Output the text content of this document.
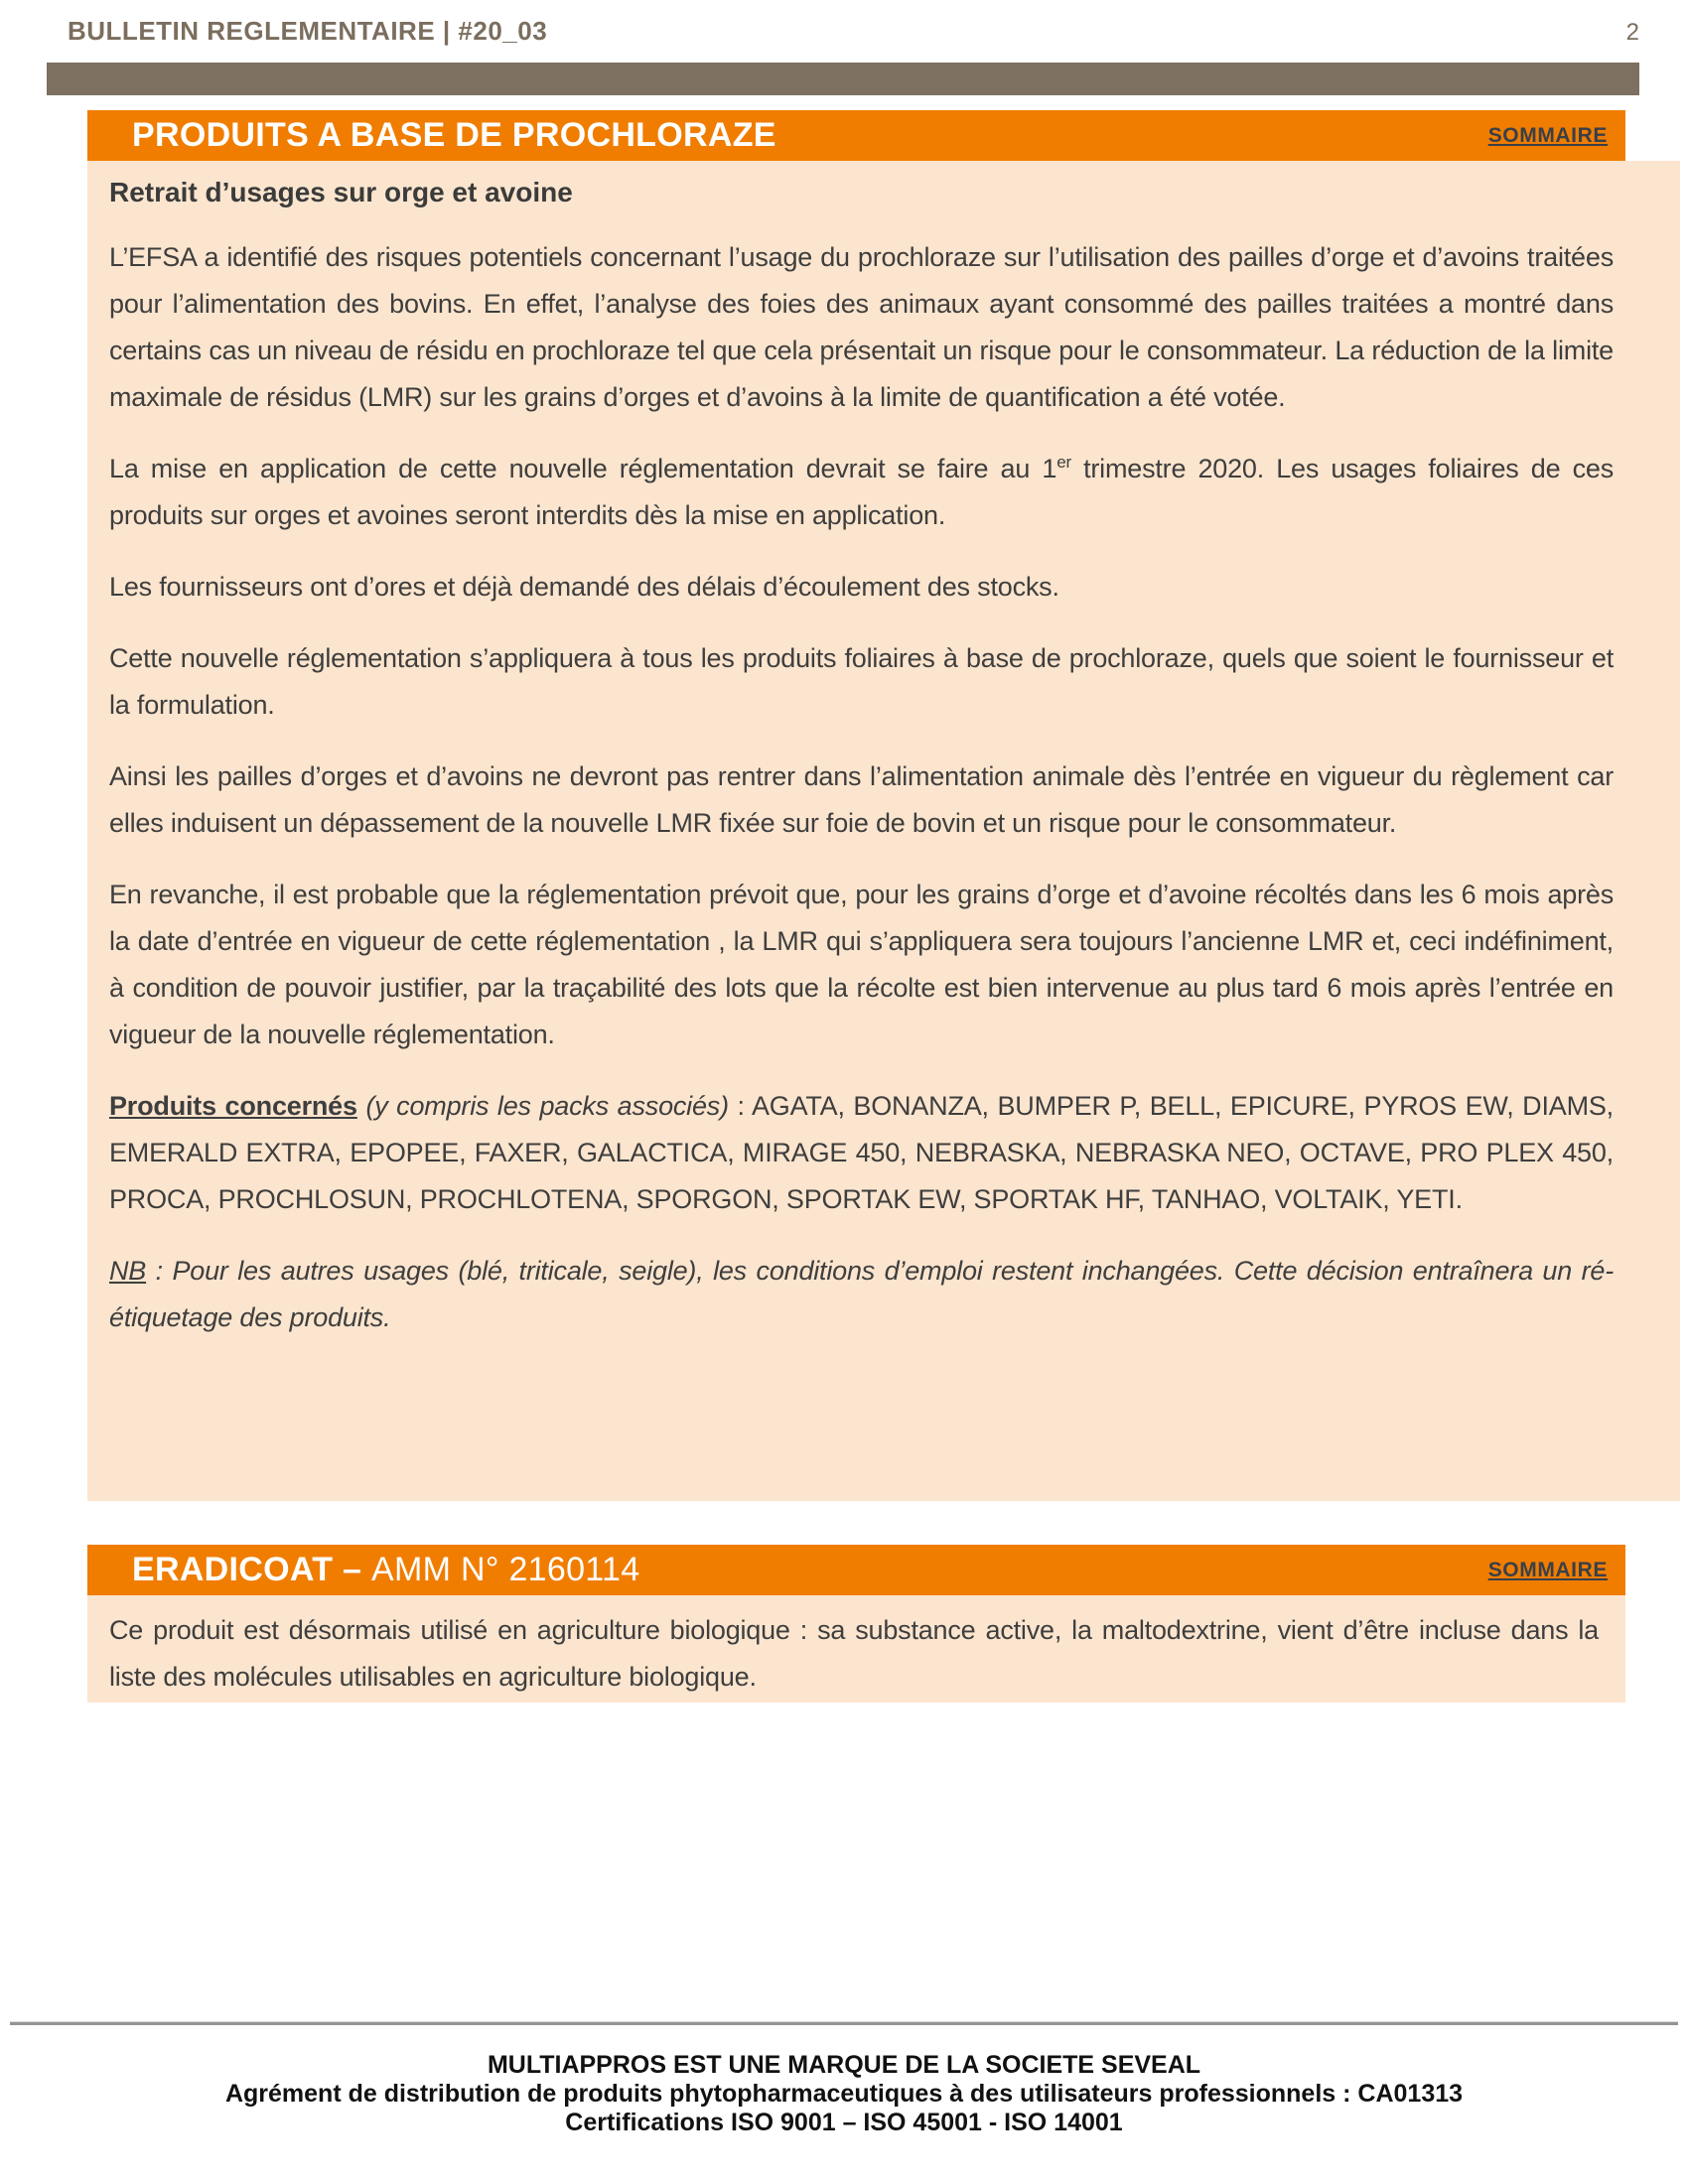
BULLETIN REGLEMENTAIRE | #20_03	2
PRODUITS A BASE DE PROCHLORAZE	SOMMAIRE
Retrait d’usages sur orge et avoine

L’EFSA a identifié des risques potentiels concernant l’usage du prochloraze sur l’utilisation des pailles d’orge et d’avoins traitées pour l’alimentation des bovins. En effet, l’analyse des foies des animaux ayant consommé des pailles traitées a montré dans certains cas un niveau de résidu en prochloraze tel que cela présentait un risque pour le consommateur. La réduction de la limite maximale de résidus (LMR) sur les grains d’orges et d’avoins à la limite de quantification a été votée.

La mise en application de cette nouvelle réglementation devrait se faire au 1er trimestre 2020. Les usages foliaires de ces produits sur orges et avoines seront interdits dès la mise en application.

Les fournisseurs ont d’ores et déjà demandé des délais d’écoulement des stocks.

Cette nouvelle réglementation s’appliquera à tous les produits foliaires à base de prochloraze, quels que soient le fournisseur et la formulation.

Ainsi les pailles d’orges et d’avoins ne devront pas rentrer dans l’alimentation animale dès l’entrée en vigueur du règlement car elles induisent un dépassement de la nouvelle LMR fixée sur foie de bovin et un risque pour le consommateur.

En revanche, il est probable que la réglementation prévoit que, pour les grains d’orge et d’avoine récoltés dans les 6 mois après la date d’entrée en vigueur de cette réglementation , la LMR qui s’appliquera sera toujours l’ancienne LMR et, ceci indéfiniment, à condition de pouvoir justifier, par la traçabilité des lots que la récolte est bien intervenue au plus tard 6 mois après l’entrée en vigueur de la nouvelle réglementation.

Produits concernés (y compris les packs associés) : AGATA, BONANZA, BUMPER P, BELL, EPICURE, PYROS EW, DIAMS, EMERALD EXTRA, EPOPEE, FAXER, GALACTICA, MIRAGE 450, NEBRASKA, NEBRASKA NEO, OCTAVE, PRO PLEX 450, PROCA, PROCHLOSUN, PROCHLOTENA, SPORGON, SPORTAK EW, SPORTAK HF, TANHAO, VOLTAIK, YETI.

NB : Pour les autres usages (blé, triticale, seigle), les conditions d’emploi restent inchangées. Cette décision entraînera un ré-étiquetage des produits.

ERADICOAT – AMM N° 2160114	SOMMAIRE

Ce produit est désormais utilisé en agriculture biologique : sa substance active, la maltodextrine, vient d’être incluse dans la liste des molécules utilisables en agriculture biologique.

MULTIAPPROS EST UNE MARQUE DE LA SOCIETE SEVEAL
Agrément de distribution de produits phytopharmaceutiques à des utilisateurs professionnels : CA01313
Certifications ISO 9001 – ISO 45001 - ISO 14001
